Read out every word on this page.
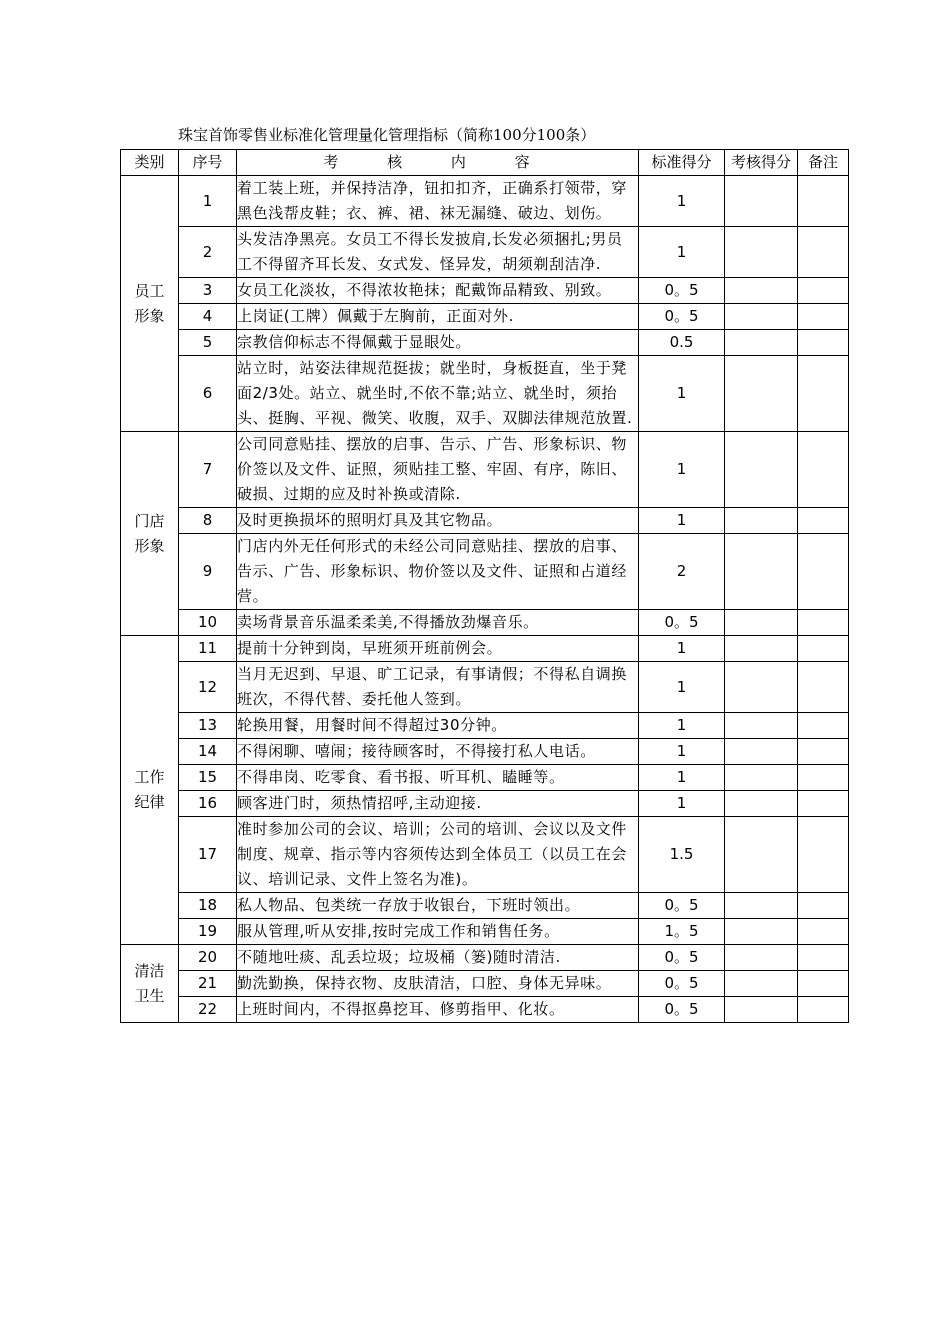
珠宝首饰零售业标准化管理量化管理指标（简称100分100条）
类别	序号	考 核 内 容	标准得分	考核得分	备注
员工形象	1	着工装上班，并保持洁净，钮扣扣齐，正确系打领带，穿黑色浅帮皮鞋；衣、裤、裙、袜无漏缝、破边、划伤。	1		
	2	头发洁净黑亮。女员工不得长发披肩,长发必须捆扎;男员工不得留齐耳长发、女式发、怪异发，胡须剃刮洁净.	1		
	3	女员工化淡妆，不得浓妆艳抹；配戴饰品精致、别致。	0。5		
	4	上岗证(工牌）佩戴于左胸前，正面对外.	0。5		
	5	宗教信仰标志不得佩戴于显眼处。	0.5		
	6	站立时，站姿法律规范挺拔；就坐时，身板挺直，坐于凳面2/3处。站立、就坐时,不依不靠;站立、就坐时，须抬头、挺胸、平视、微笑、收腹，双手、双脚法律规范放置.	1		
门店形象	7	公司同意贴挂、摆放的启事、告示、广告、形象标识、物价签以及文件、证照，须贴挂工整、牢固、有序，陈旧、破损、过期的应及时补换或清除.	1		
	8	及时更换损坏的照明灯具及其它物品。	1		
	9	门店内外无任何形式的未经公司同意贴挂、摆放的启事、告示、广告、形象标识、物价签以及文件、证照和占道经营。	2		
	10	卖场背景音乐温柔柔美,不得播放劲爆音乐。	0。5		
工作纪律	11	提前十分钟到岗，早班须开班前例会。	1		
	12	当月无迟到、早退、旷工记录，有事请假；不得私自调换班次，不得代替、委托他人签到。	1		
	13	轮换用餐，用餐时间不得超过30分钟。	1		
	14	不得闲聊、嘻闹；接待顾客时，不得接打私人电话。	1		
	15	不得串岗、吃零食、看书报、听耳机、瞌睡等。	1		
	16	顾客进门时，须热情招呼,主动迎接.	1		
	17	准时参加公司的会议、培训；公司的培训、会议以及文件制度、规章、指示等内容须传达到全体员工（以员工在会议、培训记录、文件上签名为准)。	1.5		
	18	私人物品、包类统一存放于收银台，下班时领出。	0。5		
	19	服从管理,听从安排,按时完成工作和销售任务。	1。5		
清洁卫生	20	不随地吐痰、乱丢垃圾；垃圾桶（篓)随时清洁.	0。5		
	21	勤洗勤换，保持衣物、皮肤清洁，口腔、身体无异味。	0。5		
	22	上班时间内，不得抠鼻挖耳、修剪指甲、化妆。	0。5		
